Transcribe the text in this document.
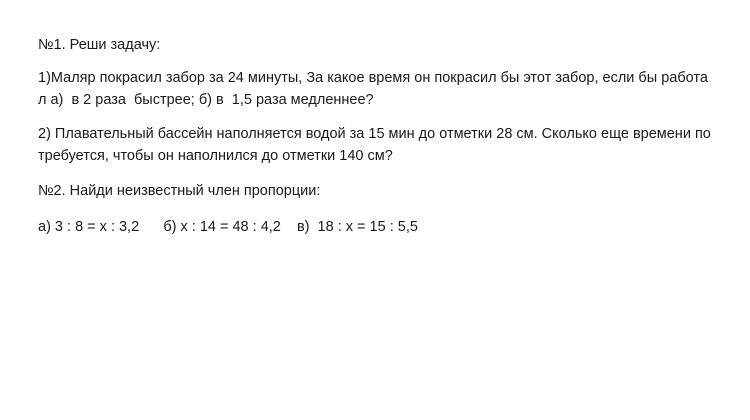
№1. Реши задачу:

1)Маляр покрасил забор за 24 минуты, За какое время он покрасил бы этот забор, если бы работа

л а)  в 2 раза  быстрее; б) в  1,5 раза медленнее?

2) Плавательный бассейн наполняется водой за 15 мин до отметки 28 см. Сколько еще времени по

требуется, чтобы он наполнился до отметки 140 см?

№2. Найди неизвестный член пропорции:

а) 3 : 8 = х : 3,2      б) х : 14 = 48 : 4,2    в)  18 : х = 15 : 5,5
